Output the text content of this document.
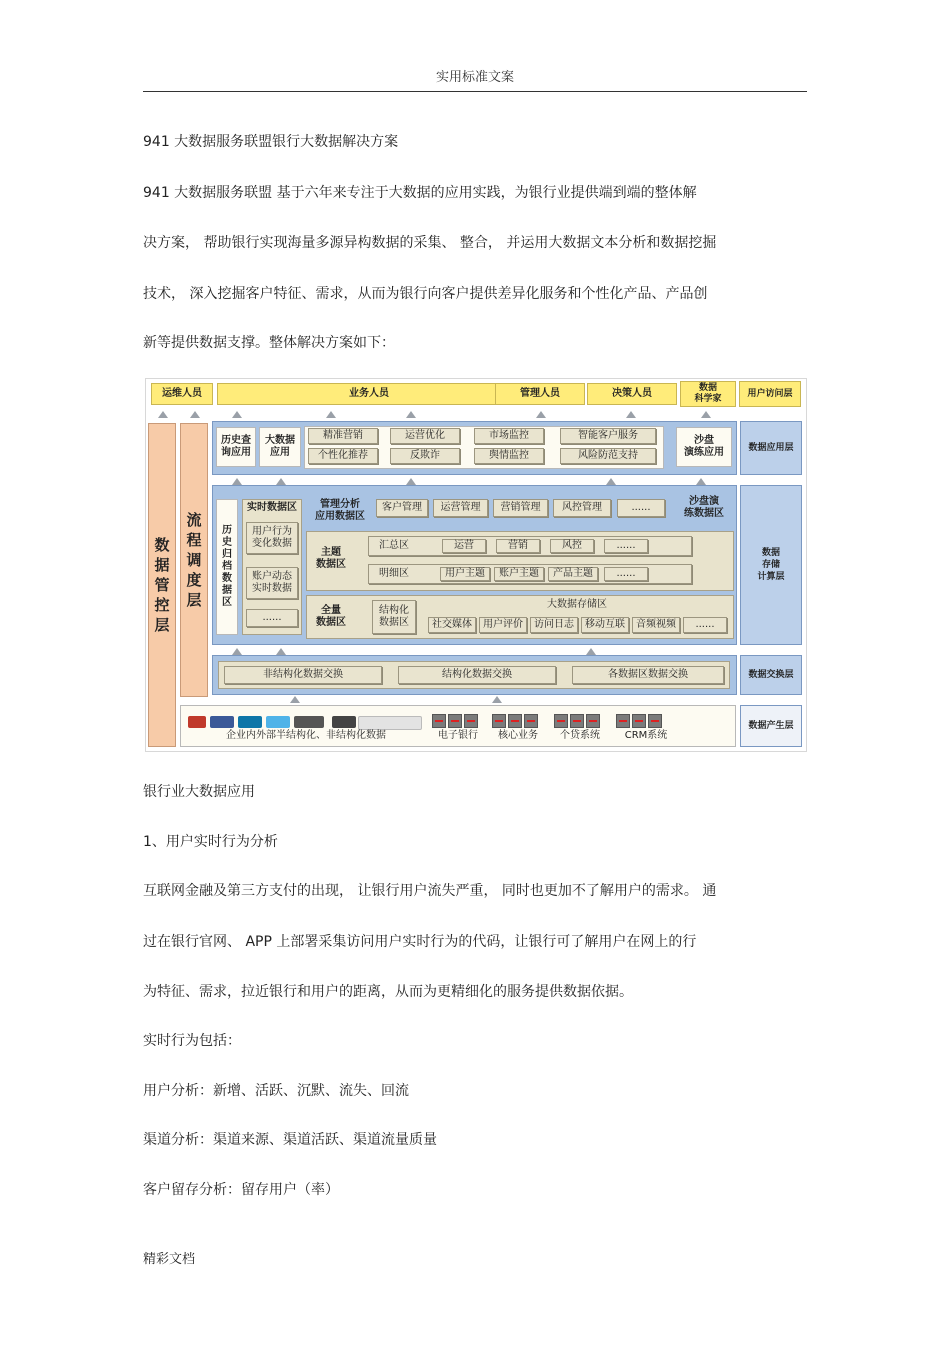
实用标准文案
941 大数据服务联盟银行大数据解决方案
941 大数据服务联盟 基于六年来专注于大数据的应用实践，为银行业提供端到端的整体解
决方案， 帮助银行实现海量多源异构数据的采集、 整合， 并运用大数据文本分析和数据挖掘
技术， 深入挖掘客户特征、需求，从而为银行向客户提供差异化服务和个性化产品、产品创
新等提供数据支撑。整体解决方案如下：
运维人员	业务人员	管理人员	决策人员	数据
科学家	用户访问层
数
据
管
控
层
流
程
调
度
层
历史查
询应用
大数据
应用
精准营销	运营优化	市场监控	智能客户服务
个性化推荐	反欺诈	舆情监控	风险防范支持
沙盘
演练应用	数据应用层
历
史
归
档
数
据
区
实时数据区
用户行为
变化数据
账户动态
实时数据
......
管理分析
应用数据区
客户管理	运营管理	营销管理	风控管理	......
沙盘演
练数据区
主题
数据区
汇总区	运营	营销	风控	......
明细区	用户主题	账户主题	产品主题	......
全量
数据区
结构化
数据区
大数据存储区
社交媒体	用户评价	访问日志	移动互联	音频视频	......
数据
存储
计算层
非结构化数据交换	结构化数据交换	各数据区数据交换	数据交换层
企业内外部半结构化、非结构化数据	电子银行	核心业务	个贷系统	CRM系统
数据产生层
银行业大数据应用
1、用户实时行为分析
互联网金融及第三方支付的出现， 让银行用户流失严重， 同时也更加不了解用户的需求。 通
过在银行官网、 APP 上部署采集访问用户实时行为的代码，让银行可了解用户在网上的行
为特征、需求，拉近银行和用户的距离，从而为更精细化的服务提供数据依据。
实时行为包括：
用户分析：新增、活跃、沉默、流失、回流
渠道分析：渠道来源、渠道活跃、渠道流量质量
客户留存分析：留存用户（率）
精彩文档
